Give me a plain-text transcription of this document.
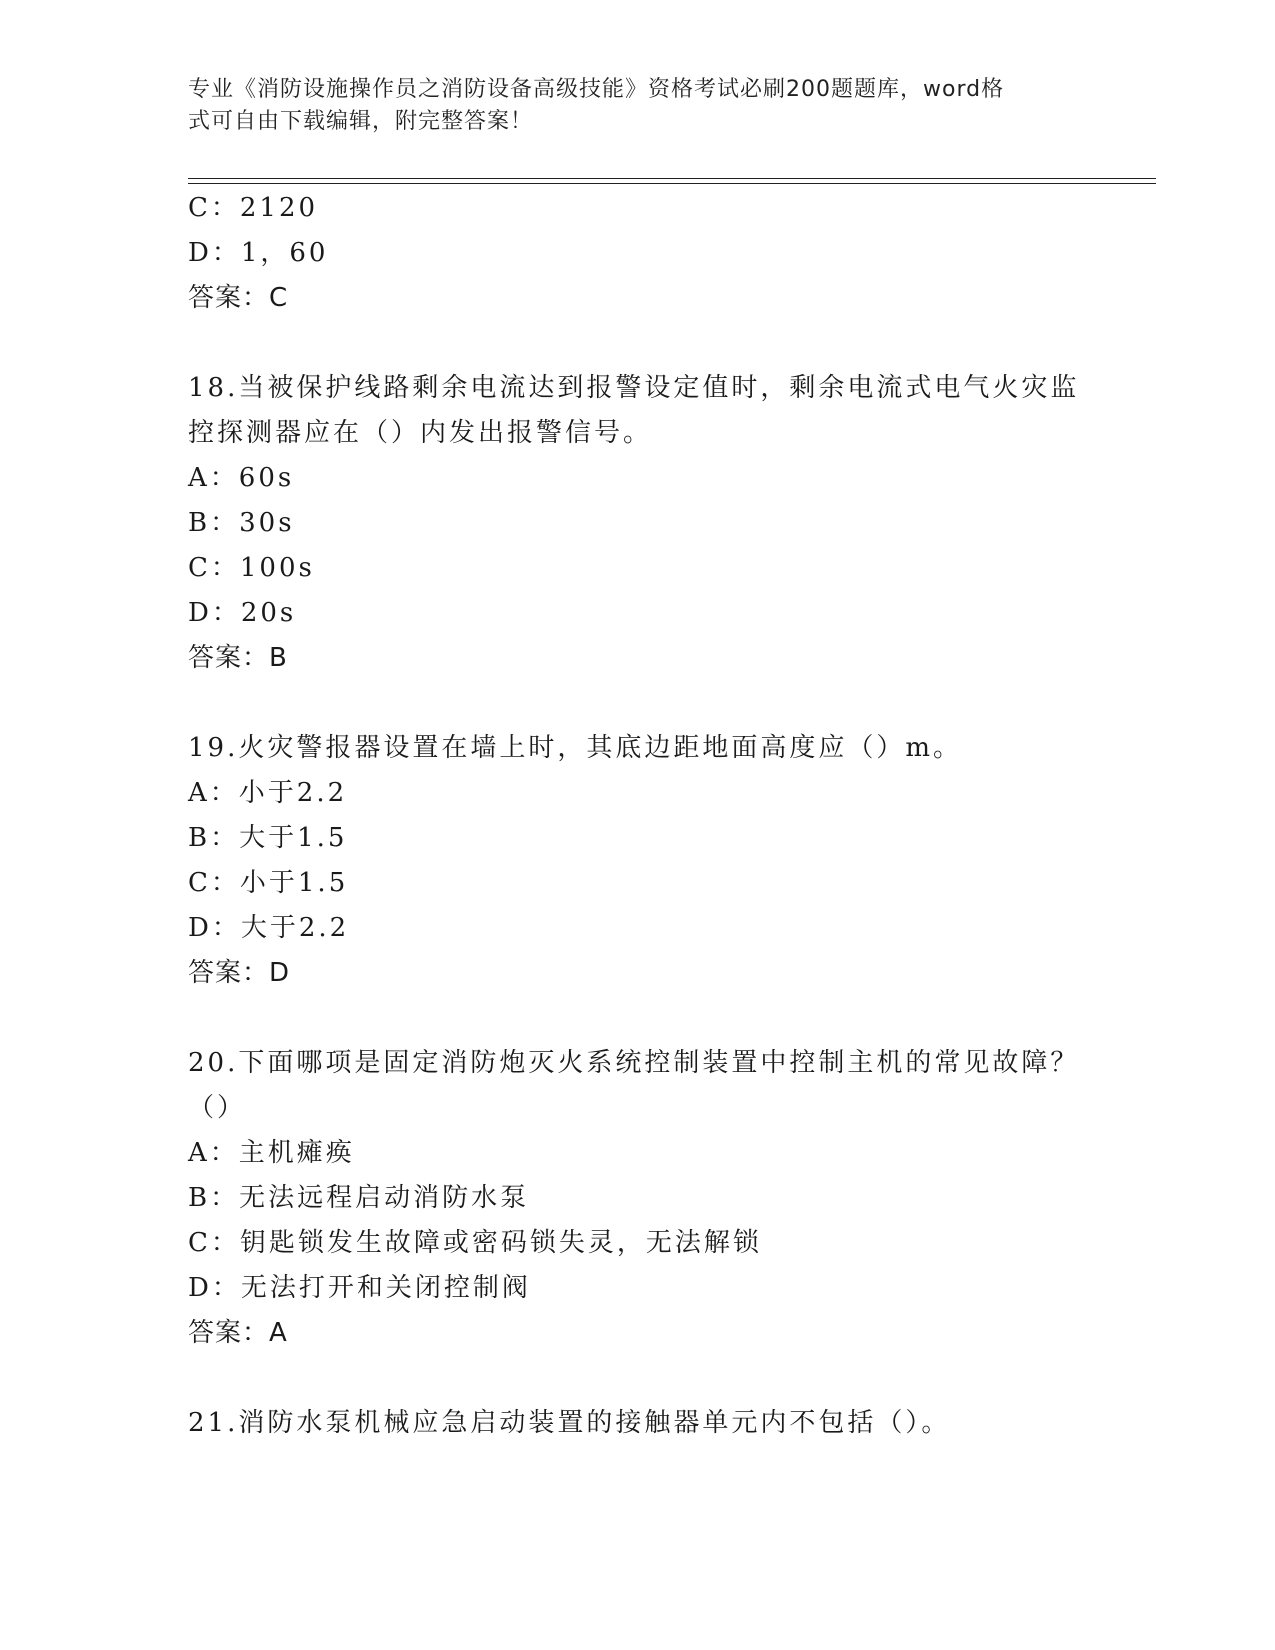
专业《消防设施操作员之消防设备高级技能》资格考试必刷200题题库，word格
式可自由下载编辑，附完整答案！
C：2120
D：1，60
答案：C
18.当被保护线路剩余电流达到报警设定值时，剩余电流式电气火灾监
控探测器应在（）内发出报警信号。
A：60s
B：30s
C：100s
D：20s
答案：B
19.火灾警报器设置在墙上时，其底边距地面高度应（）m。
A：小于2.2
B：大于1.5
C：小于1.5
D：大于2.2
答案：D
20.下面哪项是固定消防炮灭火系统控制装置中控制主机的常见故障？
（）
A：主机瘫痪
B：无法远程启动消防水泵
C：钥匙锁发生故障或密码锁失灵，无法解锁
D：无法打开和关闭控制阀
答案：A
21.消防水泵机械应急启动装置的接触器单元内不包括（）。
